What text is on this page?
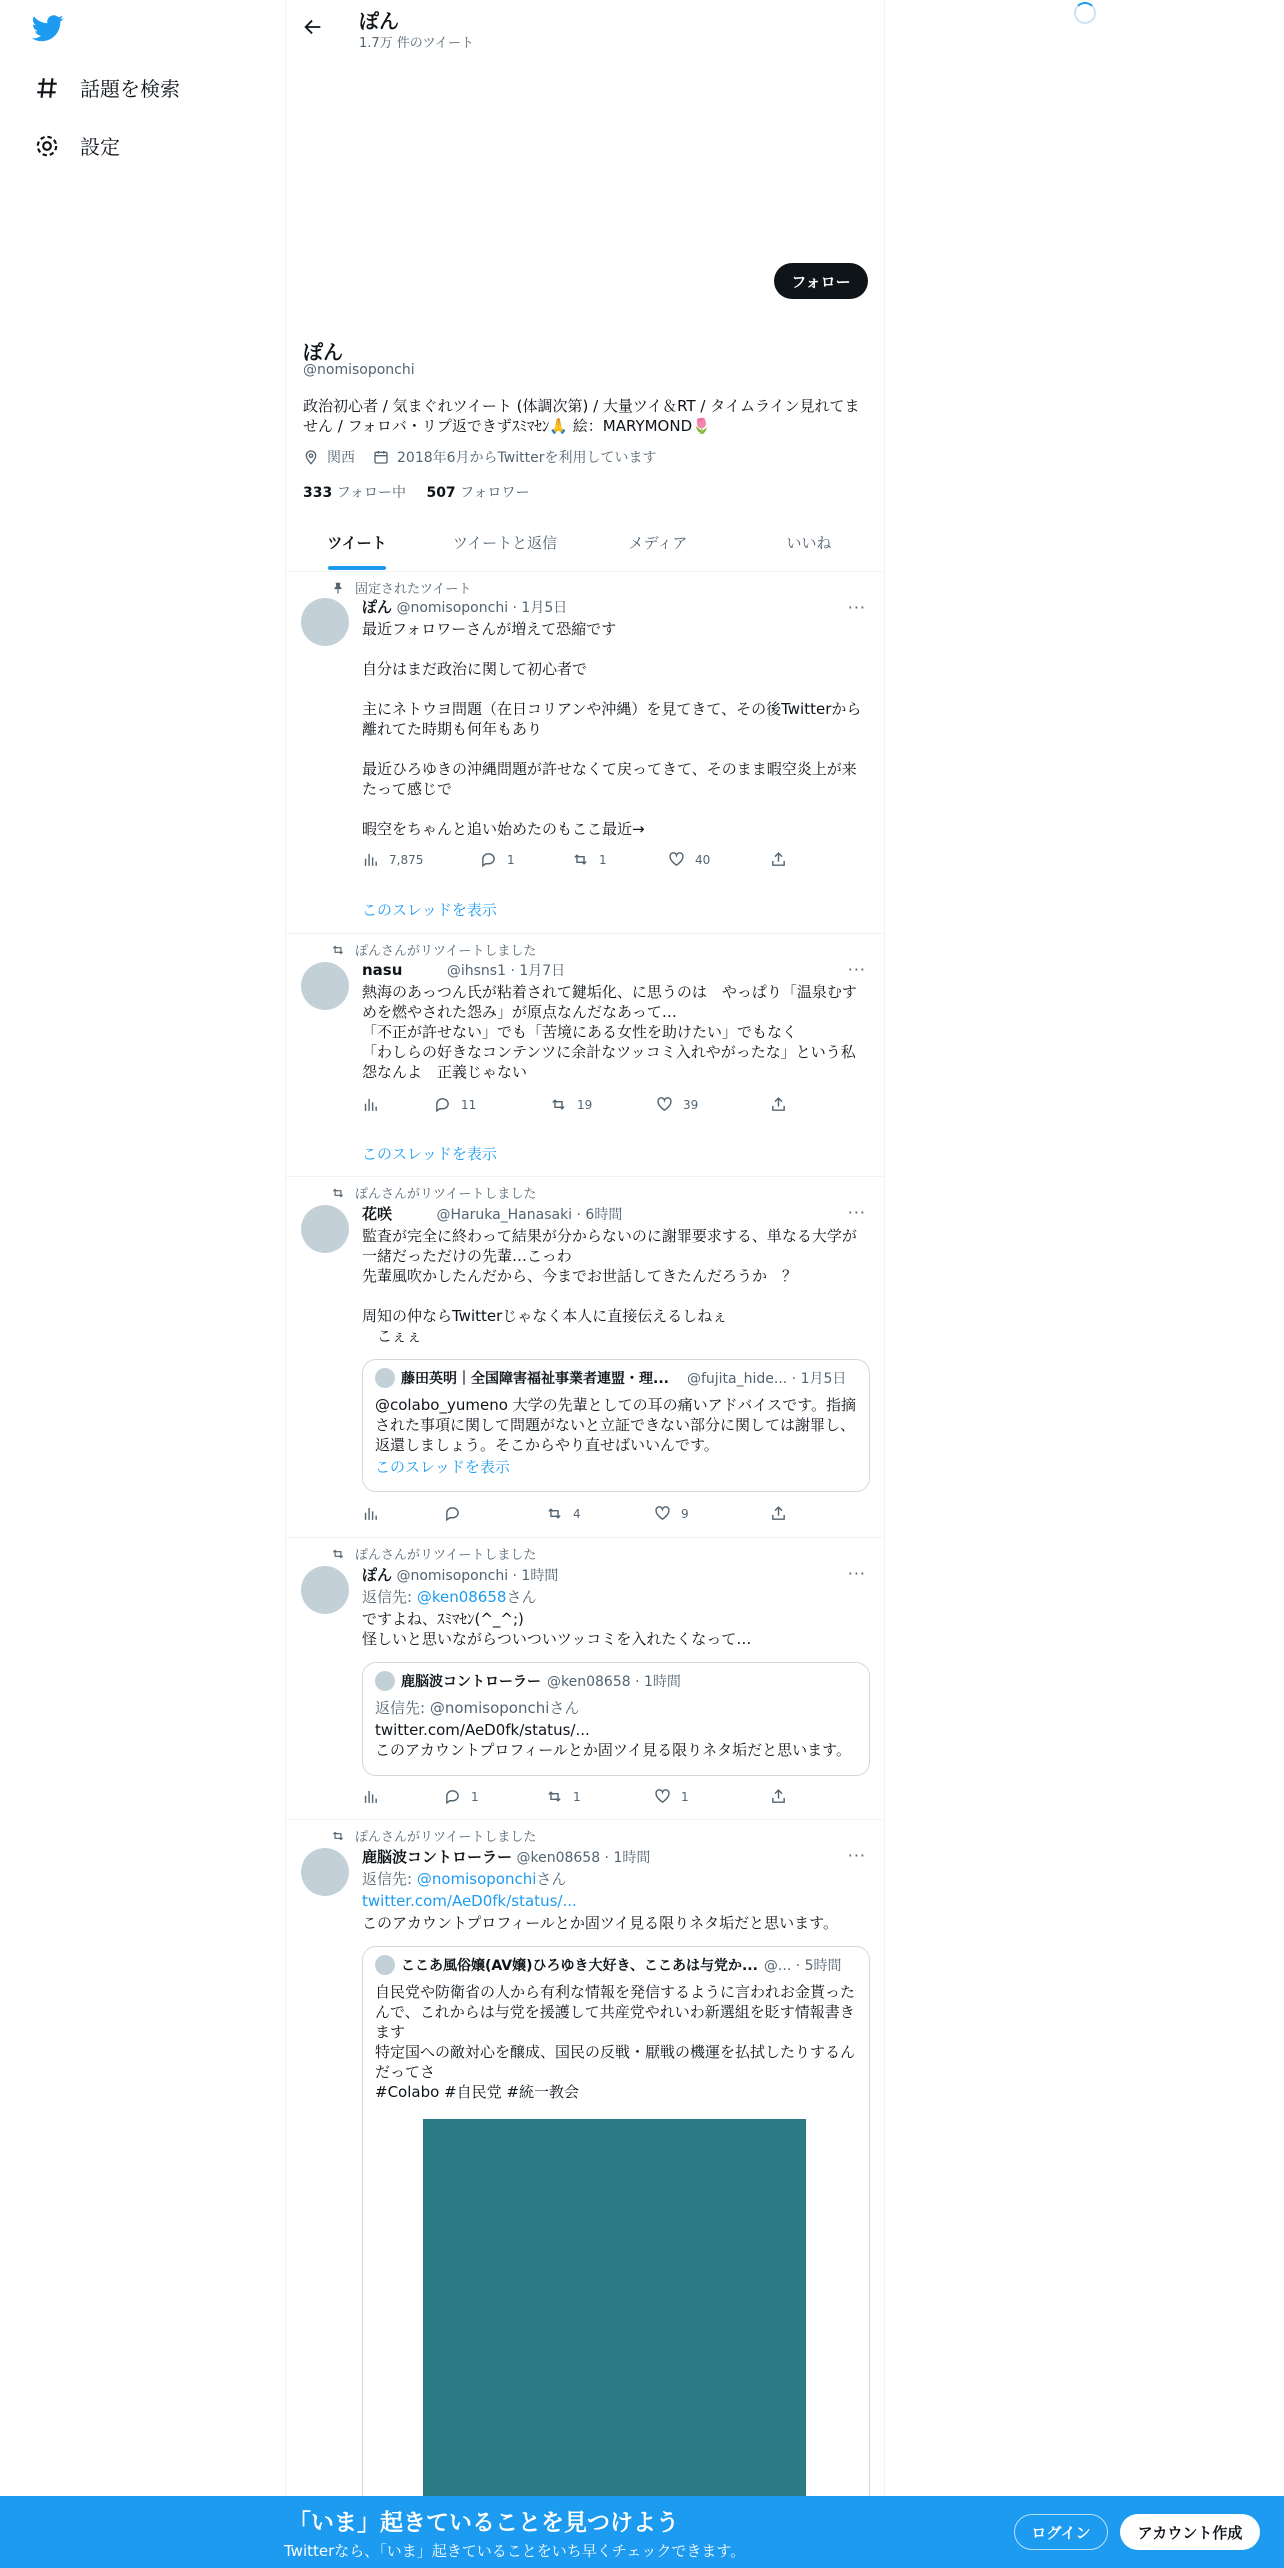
話題を検索
設定
ぽん
1.7万 件のツイート
フォロー
ぽん
@nomisoponchi
政治初心者 / 気まぐれツイート (体調次第) / 大量ツイ＆RT / タイムライン見れてません / フォロバ・リプ返できずｽﾐﾏｾﾝ🙏 絵：MARYMOND🌷
関西	2018年6月からTwitterを利用しています
333 フォロー中 507 フォロワー
ツイート	ツイートと返信	メディア	いいね
固定されたツイート
···
ぽん @nomisoponchi · 1月5日
最近フォロワーさんが増えて恐縮です

自分はまだ政治に関して初心者で

主にネトウヨ問題（在日コリアンや沖縄）を見てきて、その後Twitterから離れてた時期も何年もあり

最近ひろゆきの沖縄問題が許せなくて戻ってきて、そのまま暇空炎上が来たって感じで

暇空をちゃんと追い始めたのもここ最近→
7,875	1	1	40
このスレッドを表示
ぽんさんがリツイートしました
···
nasu	@ihsns1 · 1月7日
熱海のあっつん氏が粘着されて鍵垢化、に思うのは　やっぱり「温泉むすめを燃やされた怨み」が原点なんだなあって…
「不正が許せない」でも「苦境にある女性を助けたい」でもなく
「わしらの好きなコンテンツに余計なツッコミ入れやがったな」という私怨なんよ　正義じゃない
11	19	39
このスレッドを表示
ぽんさんがリツイートしました
···
花咲	@Haruka_Hanasaki · 6時間
監査が完全に終わって結果が分からないのに謝罪要求する、単なる大学が一緒だっただけの先輩…こっわ
先輩風吹かしたんだから、今までお世話してきたんだろうか　？

周知の仲ならTwitterじゃなく本人に直接伝えるしねぇ
　こぇぇ
藤田英明｜全国障害福祉事業者連盟・理... @fujita_hide... · 1月5日
@colabo_yumeno 大学の先輩としての耳の痛いアドバイスです。指摘された事項に関して問題がないと立証できない部分に関しては謝罪し、返還しましょう。そこからやり直せばいいんです。
このスレッドを表示
4	9
ぽんさんがリツイートしました
···
ぽん @nomisoponchi · 1時間
返信先: @ken08658さん
ですよね、ｽﾐﾏｾﾝ(^_^;)
怪しいと思いながらついついツッコミを入れたくなって…
鹿脳波コントローラー @ken08658 · 1時間
返信先: @nomisoponchiさん
twitter.com/AeD0fk/status/...
このアカウントプロフィールとか固ツイ見る限りネタ垢だと思います。
1	1	1
ぽんさんがリツイートしました
···
鹿脳波コントローラー @ken08658 · 1時間
返信先: @nomisoponchiさん
twitter.com/AeD0fk/status/...
このアカウントプロフィールとか固ツイ見る限りネタ垢だと思います。
ここあ風俗嬢(AV嬢)ひろゆき大好き、ここあは与党か... @... · 5時間
自民党や防衛省の人から有利な情報を発信するように言われお金貰ったんで、これからは与党を援護して共産党やれいわ新選組を貶す情報書きます
特定国への敵対心を醸成、国民の反戦・厭戦の機運を払拭したりするんだってさ
#Colabo #自民党 #統一教会
「いま」起きていることを見つけよう
Twitterなら、「いま」起きていることをいち早くチェックできます。
ログイン	アカウント作成
